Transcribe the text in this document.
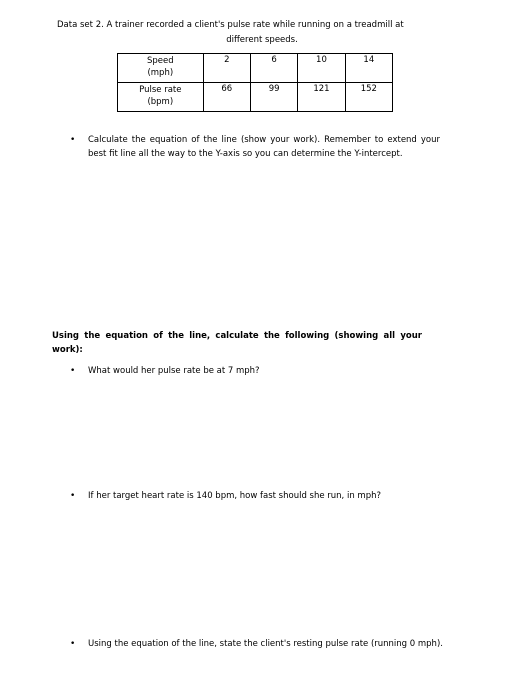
Data set 2. A trainer recorded a client's pulse rate while running on a treadmill at
different speeds.
Speed
(mph)	2	6	10	14
Pulse rate
(bpm)	66	99	121	152
• Calculate the equation of the line (show your work). Remember to extend your best fit line all the way to the Y-axis so you can determine the Y-intercept.
Using the equation of the line, calculate the following (showing all your work):
• What would her pulse rate be at 7 mph?
• If her target heart rate is 140 bpm, how fast should she run, in mph?
• Using the equation of the line, state the client's resting pulse rate (running 0 mph).
